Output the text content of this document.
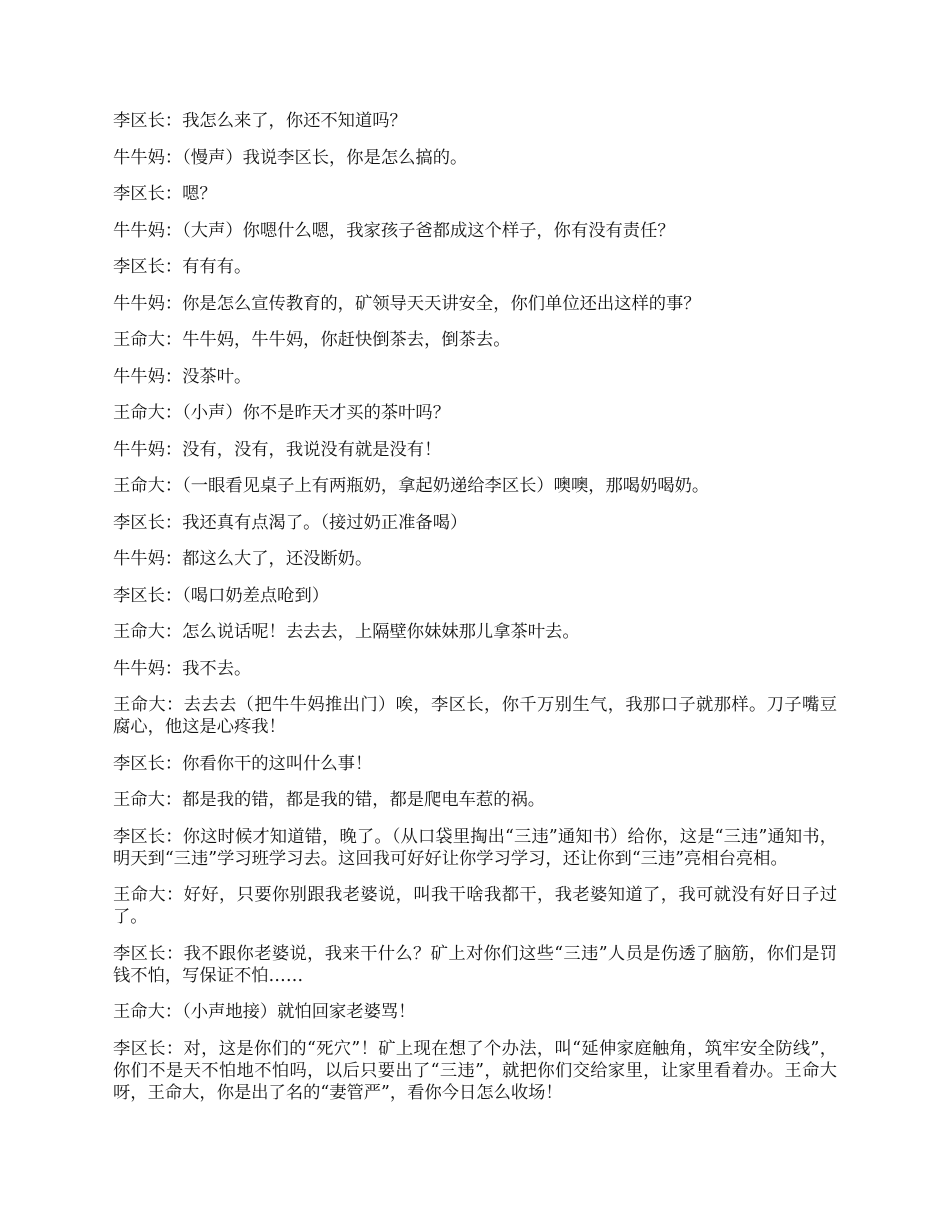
李区长：我怎么来了，你还不知道吗？

牛牛妈：（慢声）我说李区长，你是怎么搞的。

李区长：嗯？

牛牛妈：（大声）你嗯什么嗯，我家孩子爸都成这个样子，你有没有责任？

李区长：有有有。

牛牛妈：你是怎么宣传教育的，矿领导天天讲安全，你们单位还出这样的事？

王命大：牛牛妈，牛牛妈，你赶快倒茶去，倒茶去。

牛牛妈：没茶叶。

王命大：（小声）你不是昨天才买的茶叶吗？

牛牛妈：没有，没有，我说没有就是没有！

王命大：（一眼看见桌子上有两瓶奶，拿起奶递给李区长）噢噢，那喝奶喝奶。

李区长：我还真有点渴了。（接过奶正准备喝）

牛牛妈：都这么大了，还没断奶。

李区长：（喝口奶差点呛到）

王命大：怎么说话呢！去去去，上隔壁你妹妹那儿拿茶叶去。

牛牛妈：我不去。

王命大：去去去（把牛牛妈推出门）唉，李区长，你千万别生气，我那口子就那样。刀子嘴豆腐心，他这是心疼我！

李区长：你看你干的这叫什么事！

王命大：都是我的错，都是我的错，都是爬电车惹的祸。

李区长：你这时候才知道错，晚了。（从口袋里掏出“三违”通知书）给你，这是“三违”通知书，明天到“三违”学习班学习去。这回我可好好让你学习学习，还让你到“三违”亮相台亮相。

王命大：好好，只要你别跟我老婆说，叫我干啥我都干，我老婆知道了，我可就没有好日子过了。

李区长：我不跟你老婆说，我来干什么？矿上对你们这些“三违”人员是伤透了脑筋，你们是罚钱不怕，写保证不怕……

王命大：（小声地接）就怕回家老婆骂！

李区长：对，这是你们的“死穴”！矿上现在想了个办法，叫“延伸家庭触角，筑牢安全防线”，你们不是天不怕地不怕吗，以后只要出了“三违”，就把你们交给家里，让家里看着办。王命大呀，王命大，你是出了名的“妻管严”，看你今日怎么收场！
